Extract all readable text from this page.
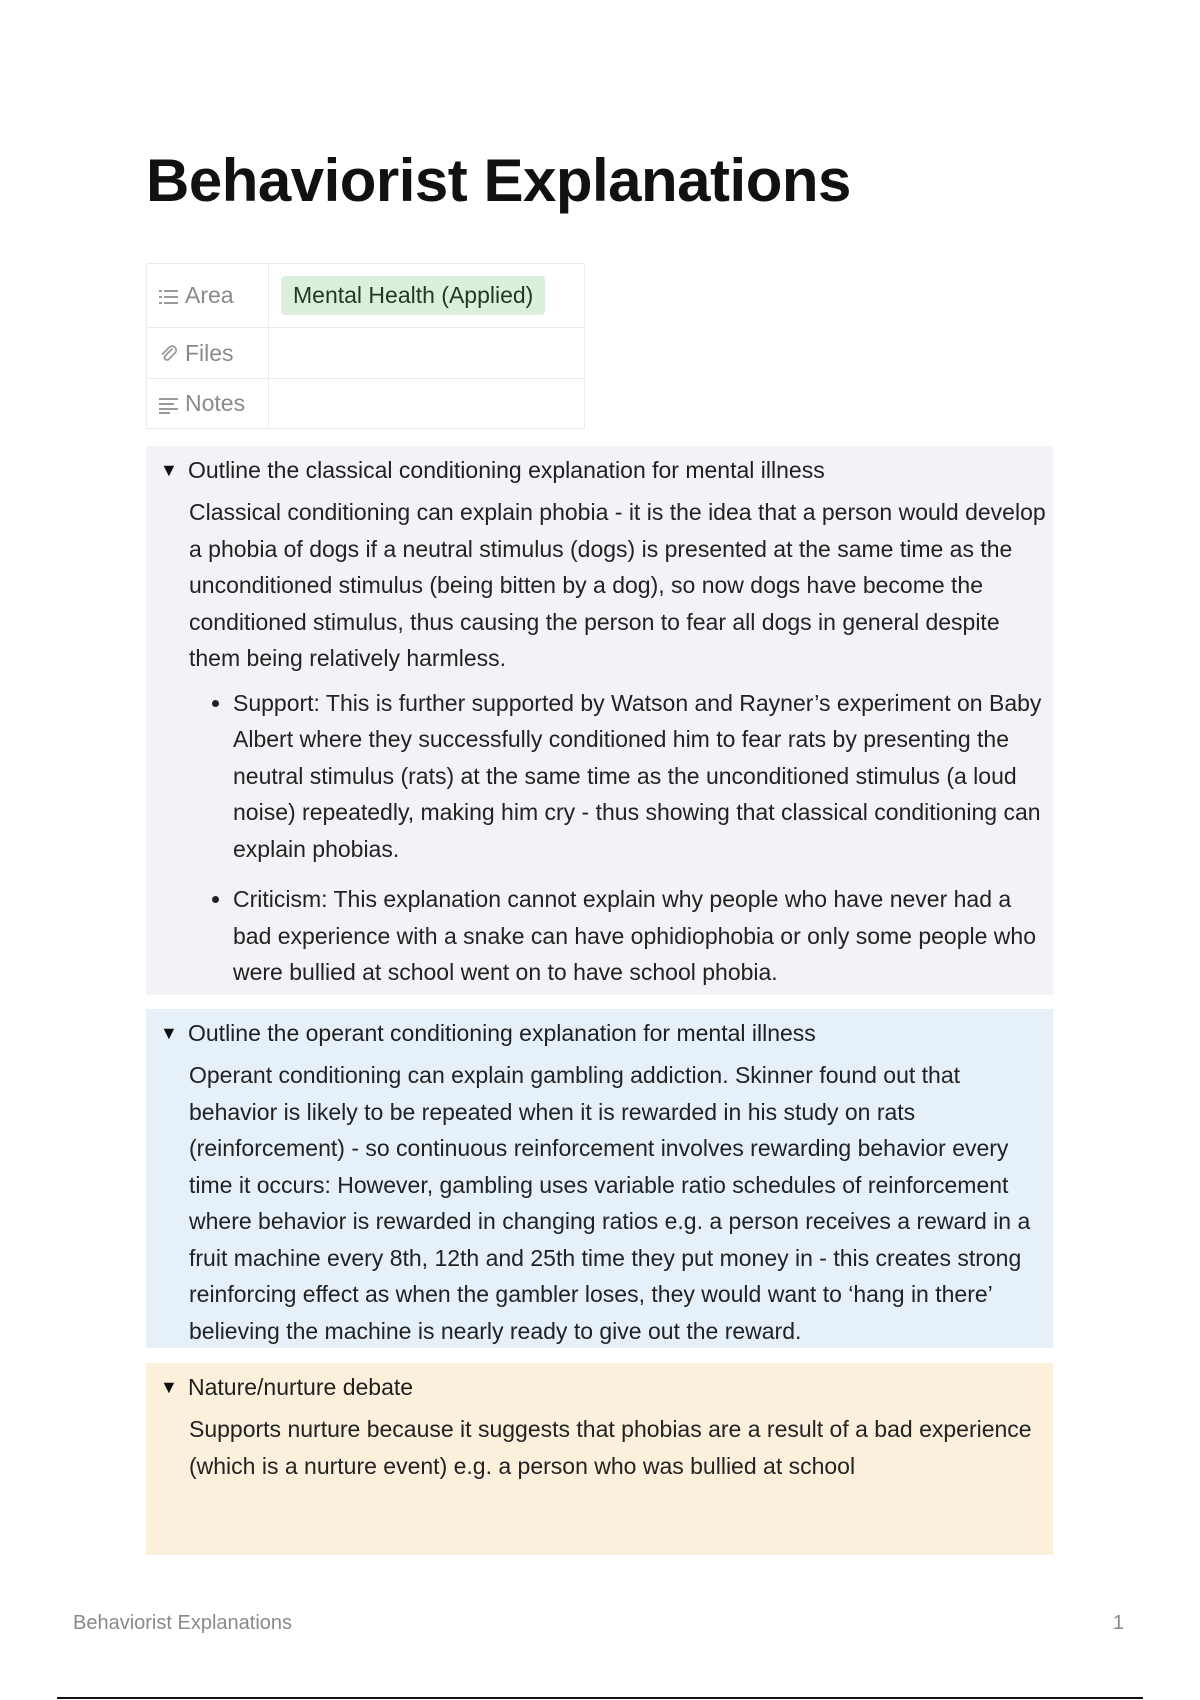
Behaviorist Explanations
Area	Mental Health (Applied)

Files	

Notes	
▼ Outline the classical conditioning explanation for mental illness

Classical conditioning can explain phobia - it is the idea that a person would develop a phobia of dogs if a neutral stimulus (dogs) is presented at the same time as the unconditioned stimulus (being bitten by a dog), so now dogs have become the conditioned stimulus, thus causing the person to fear all dogs in general despite them being relatively harmless.

• Support: This is further supported by Watson and Rayner’s experiment on Baby Albert where they successfully conditioned him to fear rats by presenting the neutral stimulus (rats) at the same time as the unconditioned stimulus (a loud noise) repeatedly, making him cry - thus showing that classical conditioning can explain phobias.
• Criticism: This explanation cannot explain why people who have never had a bad experience with a snake can have ophidiophobia or only some people who were bullied at school went on to have school phobia.
▼ Outline the operant conditioning explanation for mental illness

Operant conditioning can explain gambling addiction. Skinner found out that behavior is likely to be repeated when it is rewarded in his study on rats (reinforcement) - so continuous reinforcement involves rewarding behavior every time it occurs: However, gambling uses variable ratio schedules of reinforcement where behavior is rewarded in changing ratios e.g. a person receives a reward in a fruit machine every 8th, 12th and 25th time they put money in - this creates strong reinforcing effect as when the gambler loses, they would want to ‘hang in there’ believing the machine is nearly ready to give out the reward.

▼ Nature/nurture debate

Supports nurture because it suggests that phobias are a result of a bad experience (which is a nurture event) e.g. a person who was bullied at school

Behaviorist Explanations	1
